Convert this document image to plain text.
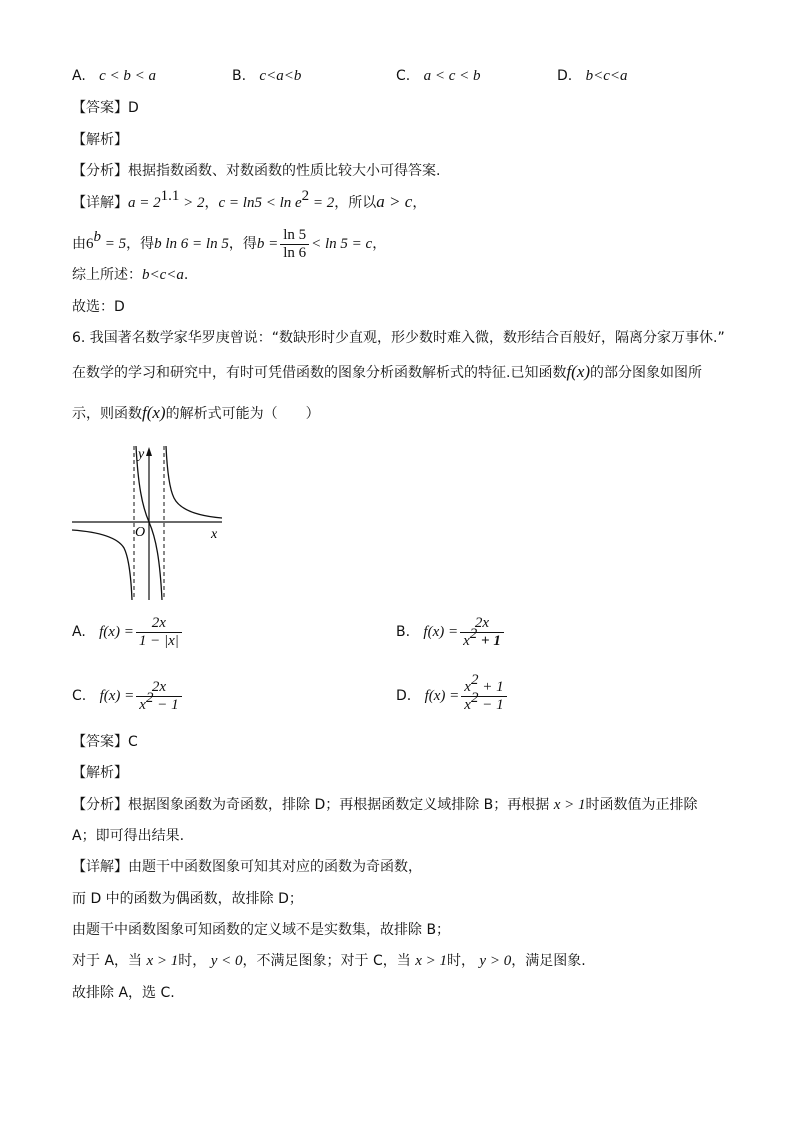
A. c < b < a	B. c<a<b	C. a < c < b	D. b<c<a
【答案】D
【解析】
【分析】根据指数函数、对数函数的性质比较大小可得答案.
【详解】$a = 2^{1.1} > 2$，$c = \ln 5 < \ln e^2 = 2$，所以a > c，
由$6^b = 5$，得b ln 6 = ln 5，得$b = \frac{\ln 5}{\ln 6} < \ln 5 = c$，
综上所述：b<c<a.
故选：D
6. 我国著名数学家华罗庚曾说：“数缺形时少直观，形少数时难入微，数形结合百般好，隔离分家万事休.”
在数学的学习和研究中，有时可凭借函数的图象分析函数解析式的特征.已知函数f(x)的部分图象如图所
示，则函数f(x)的解析式可能为（　　）
y
x
O
A. $f(x) = \frac{2x}{1 - |x|}$	B. $f(x) = \frac{2x}{x^2 + 1}$
C. $f(x) = \frac{2x}{x^2 - 1}$	D. $f(x) = \frac{x^2 + 1}{x^2 - 1}$
【答案】C
【解析】
【分析】根据图象函数为奇函数，排除 D；再根据函数定义域排除 B；再根据 x > 1时函数值为正排除
A；即可得出结果.
【详解】由题干中函数图象可知其对应的函数为奇函数，
而 D 中的函数为偶函数，故排除 D；
由题干中函数图象可知函数的定义域不是实数集，故排除 B；
对于 A，当 x > 1时， y < 0，不满足图象；对于 C，当 x > 1时， y > 0，满足图象.
故排除 A，选 C.
